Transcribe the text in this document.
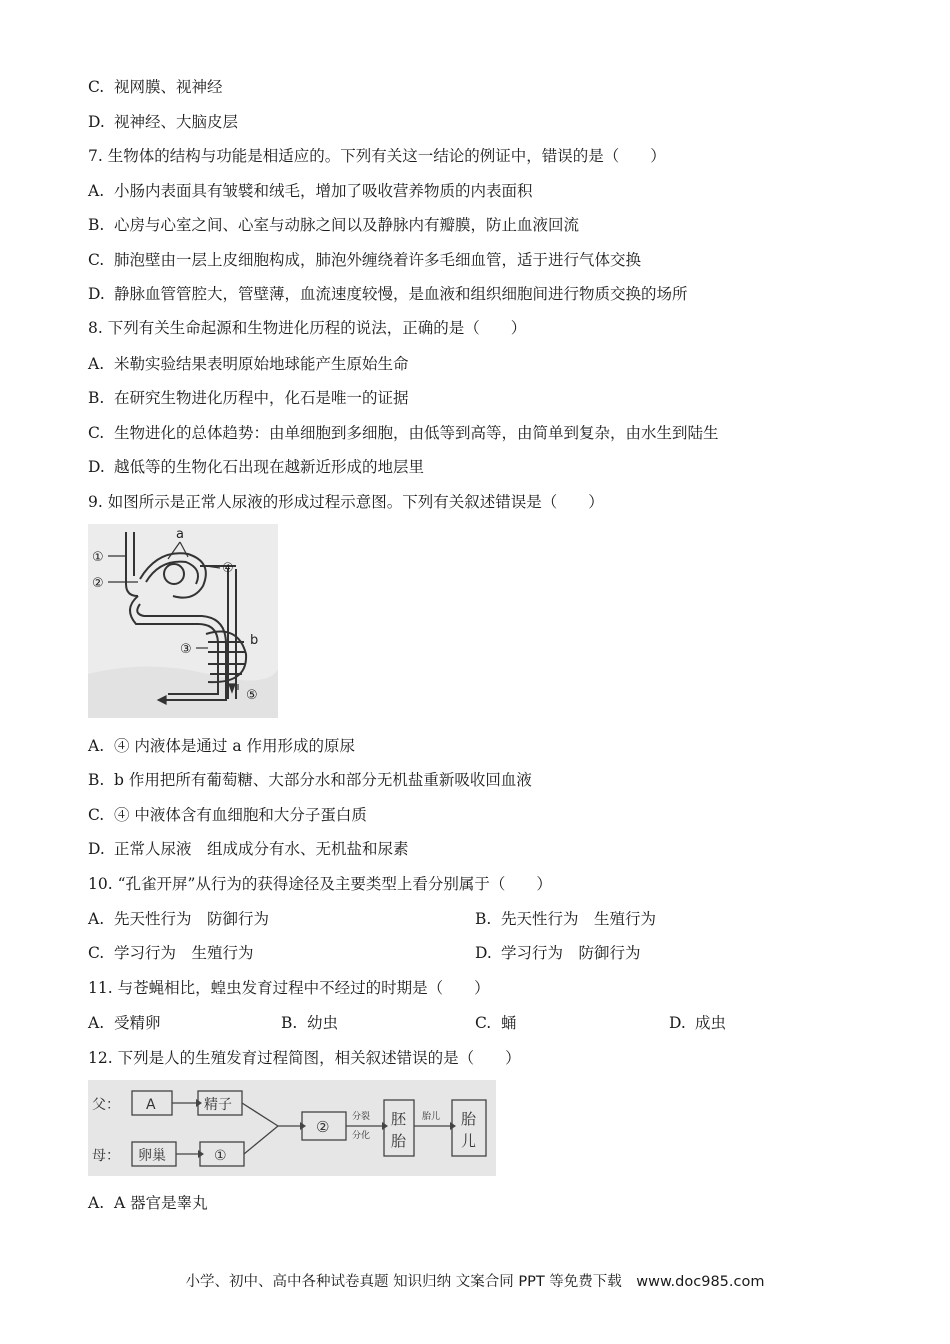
C. 视网膜、视神经
D. 视神经、大脑皮层
7. 生物体的结构与功能是相适应的。下列有关这一结论的例证中，错误的是（　　）
A. 小肠内表面具有皱襞和绒毛，增加了吸收营养物质的内表面积
B. 心房与心室之间、心室与动脉之间以及静脉内有瓣膜，防止血液回流
C. 肺泡壁由一层上皮细胞构成，肺泡外缠绕着许多毛细血管，适于进行气体交换
D. 静脉血管管腔大，管壁薄，血流速度较慢，是血液和组织细胞间进行物质交换的场所
8. 下列有关生命起源和生物进化历程的说法，正确的是（　　）
A. 米勒实验结果表明原始地球能产生原始生命
B. 在研究生物进化历程中，化石是唯一的证据
C. 生物进化的总体趋势：由单细胞到多细胞，由低等到高等，由简单到复杂，由水生到陆生
D. 越低等的生物化石出现在越新近形成的地层里
9. 如图所示是正常人尿液的形成过程示意图。下列有关叙述错误是（　　）
①
②
a
④
③
b
⑤
A. ④ 内液体是通过 a 作用形成的原尿
B. b 作用把所有葡萄糖、大部分水和部分无机盐重新吸收回血液
C. ④ 中液体含有血细胞和大分子蛋白质
D. 正常人尿液　组成成分有水、无机盐和尿素
10. “孔雀开屏”从行为的获得途径及主要类型上看分别属于（　　）
A. 先天性行为　防御行为	B. 先天性行为　生殖行为
C. 学习行为　生殖行为	D. 学习行为　防御行为
11. 与苍蝇相比，蝗虫发育过程中不经过的时期是（　　）
A. 受精卵	B. 幼虫	C. 蛹	D. 成虫
12. 下列是人的生殖发育过程简图，相关叙述错误的是（　　）
父：
母：
A	精子
卵巢	①
②
分裂
分化
胎儿
胚
胎
胎
儿
A. A 器官是睾丸
小学、初中、高中各种试卷真题 知识归纳 文案合同 PPT 等免费下载　www.doc985.com
